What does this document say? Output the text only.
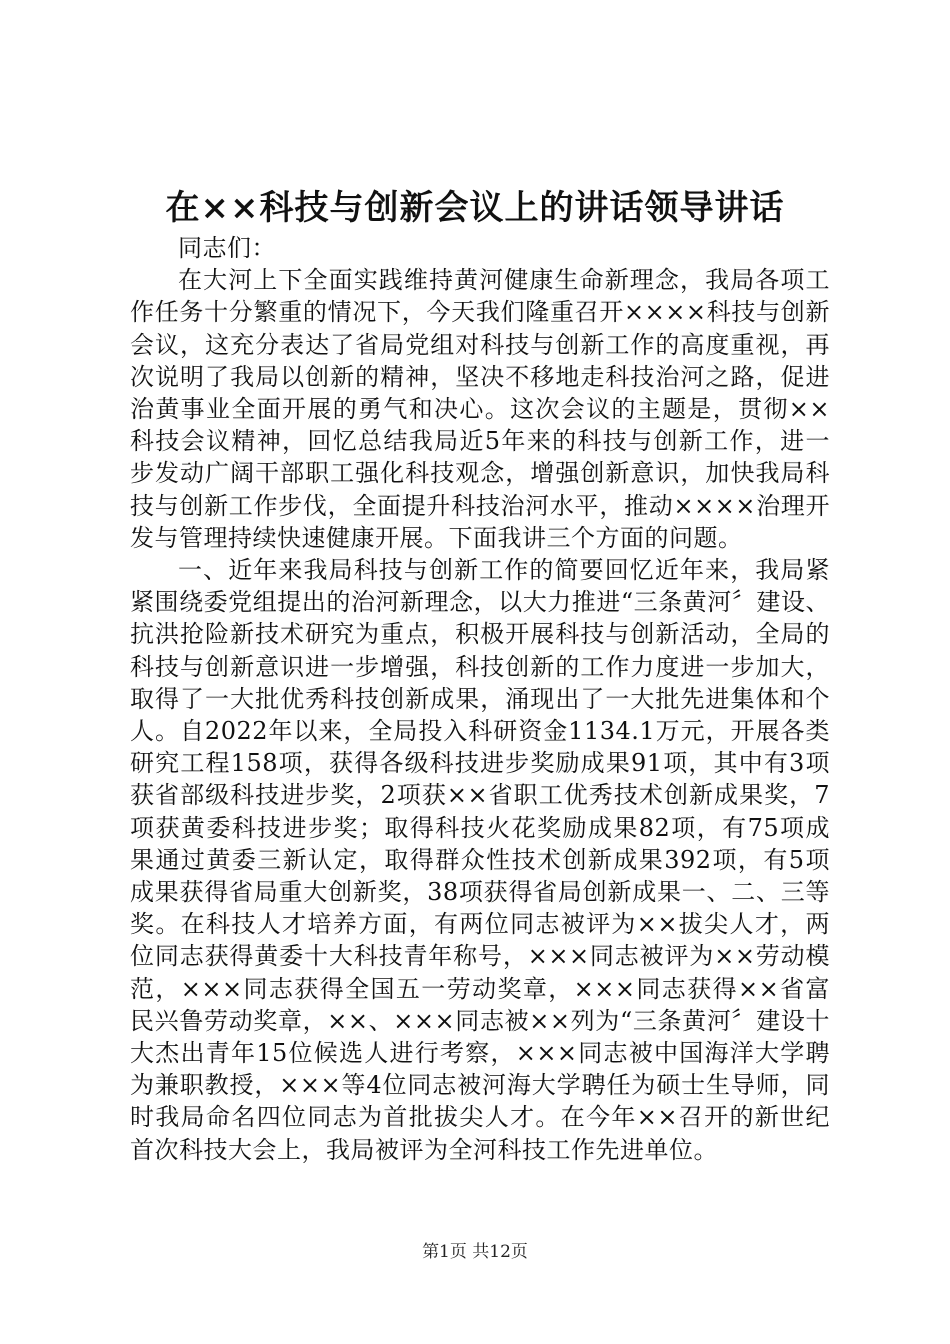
在××科技与创新会议上的讲话领导讲话

同志们：

在大河上下全面实践维持黄河健康生命新理念，我局各项工作任务十分繁重的情况下，今天我们隆重召开××××科技与创新会议，这充分表达了省局党组对科技与创新工作的高度重视，再次说明了我局以创新的精神，坚决不移地走科技治河之路，促进治黄事业全面开展的勇气和决心。这次会议的主题是，贯彻××科技会议精神，回忆总结我局近5年来的科技与创新工作，进一步发动广阔干部职工强化科技观念，增强创新意识，加快我局科技与创新工作步伐，全面提升科技治河水平，推动××××治理开发与管理持续快速健康开展。下面我讲三个方面的问题。

一、近年来我局科技与创新工作的简要回忆近年来，我局紧紧围绕委党组提出的治河新理念，以大力推进“三条黄河〞建设、抗洪抢险新技术研究为重点，积极开展科技与创新活动，全局的科技与创新意识进一步增强，科技创新的工作力度进一步加大，取得了一大批优秀科技创新成果，涌现出了一大批先进集体和个人。自2022年以来，全局投入科研资金1134.1万元，开展各类研究工程158项，获得各级科技进步奖励成果91项，其中有3项获省部级科技进步奖，2项获××省职工优秀技术创新成果奖，7项获黄委科技进步奖；取得科技火花奖励成果82项，有75项成果通过黄委三新认定，取得群众性技术创新成果392项，有5项成果获得省局重大创新奖，38项获得省局创新成果一、二、三等奖。在科技人才培养方面，有两位同志被评为××拔尖人才，两位同志获得黄委十大科技青年称号，×××同志被评为××劳动模范，×××同志获得全国五一劳动奖章，×××同志获得××省富民兴鲁劳动奖章，××、×××同志被××列为“三条黄河〞建设十大杰出青年15位候选人进行考察，×××同志被中国海洋大学聘为兼职教授，×××等4位同志被河海大学聘任为硕士生导师，同时我局命名四位同志为首批拔尖人才。在今年××召开的新世纪首次科技大会上，我局被评为全河科技工作先进单位。

第1页 共12页
